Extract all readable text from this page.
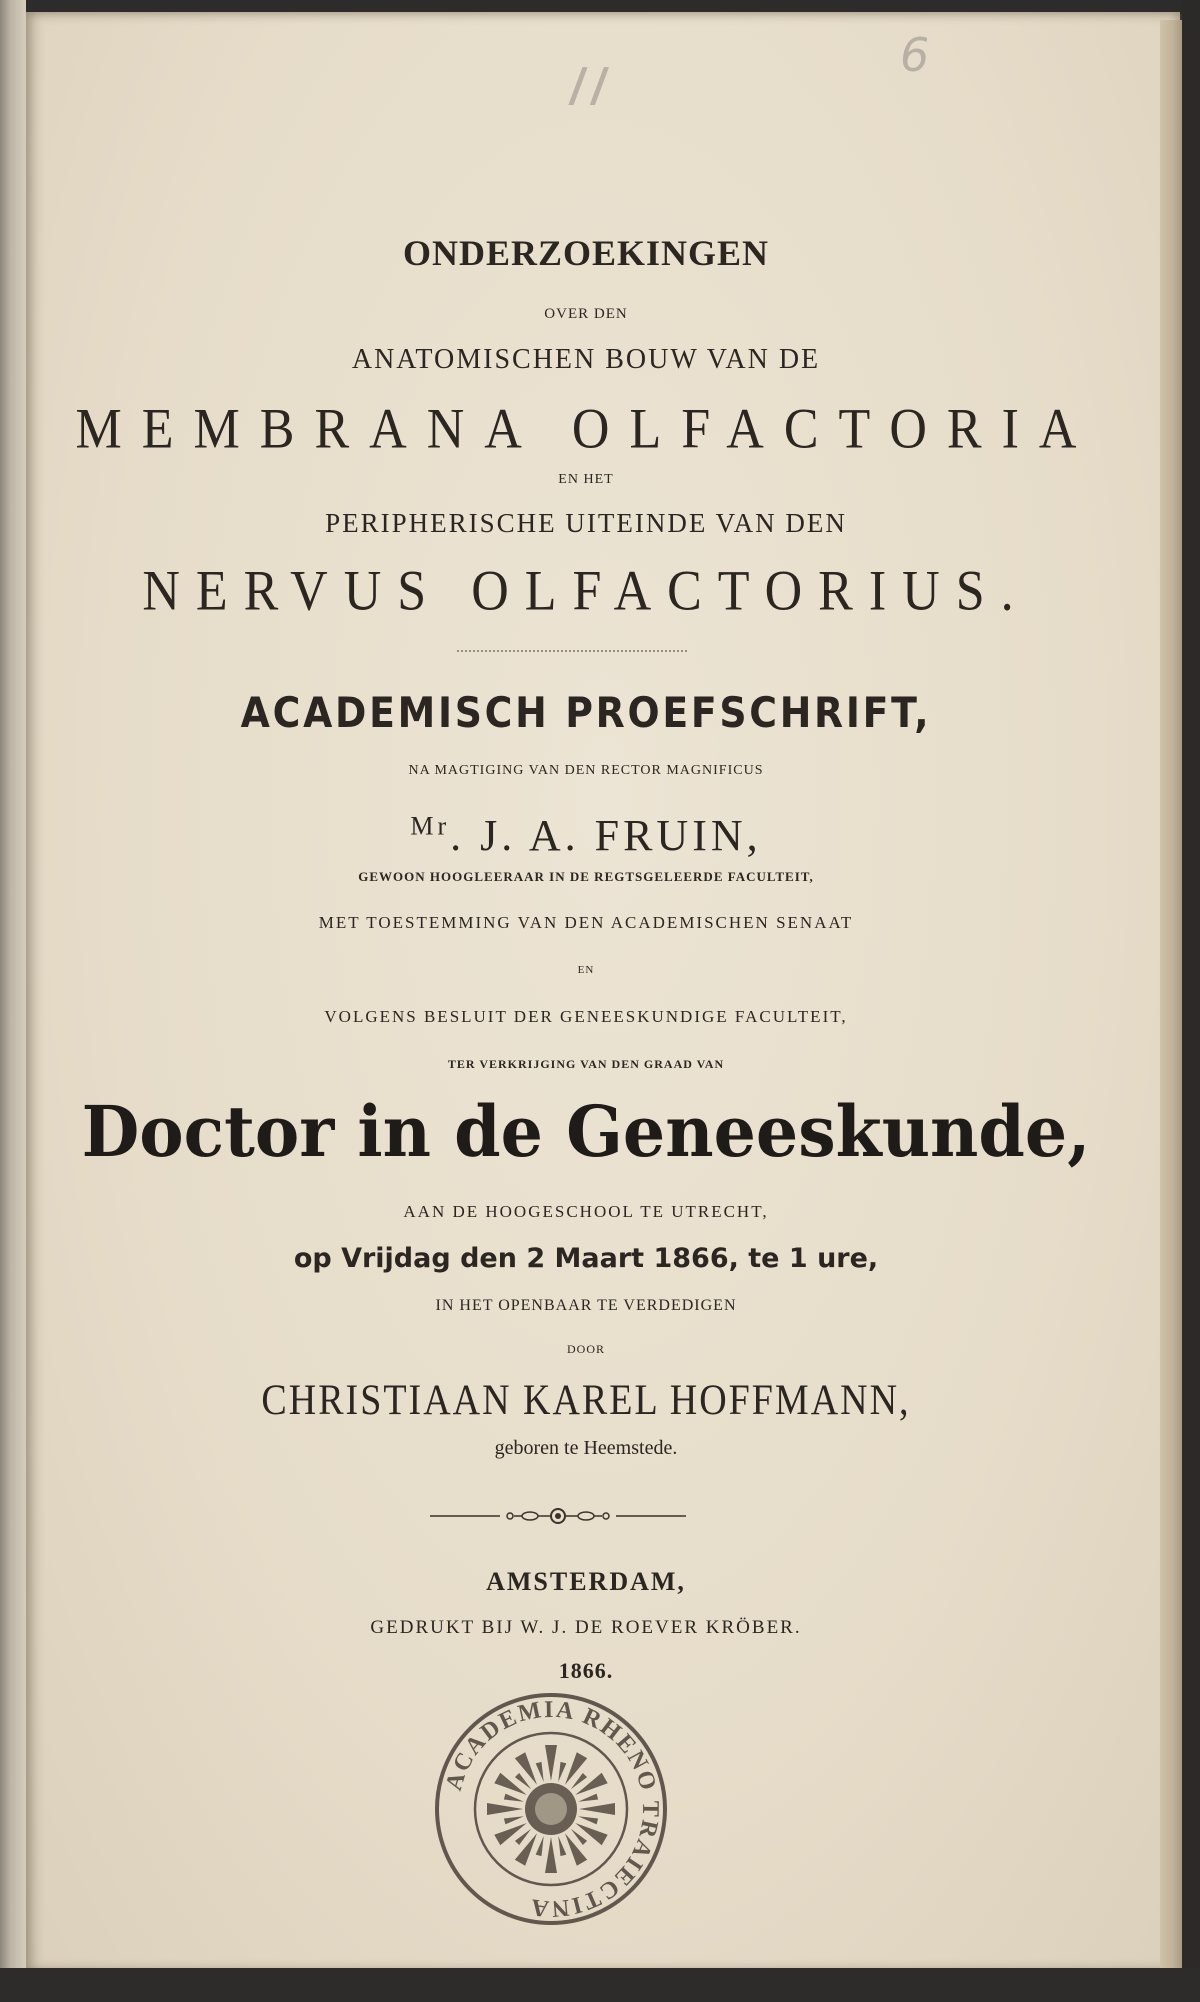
II
6
ONDERZOEKINGEN
OVER DEN
ANATOMISCHEN BOUW VAN DE
MEMBRANA OLFACTORIA
EN HET
PERIPHERISCHE UITEINDE VAN DEN
NERVUS OLFACTORIUS.
ACADEMISCH PROEFSCHRIFT,
NA MAGTIGING VAN DEN RECTOR MAGNIFICUS
$^{Mr}$. J. A. FRUIN,
GEWOON HOOGLEERAAR IN DE REGTSGELEERDE FACULTEIT,
MET TOESTEMMING VAN DEN ACADEMISCHEN SENAAT
EN
VOLGENS BESLUIT DER GENEESKUNDIGE FACULTEIT,
TER VERKRIJGING VAN DEN GRAAD VAN
Doctor in de Geneeskunde,
AAN DE HOOGESCHOOL TE UTRECHT,
op Vrijdag den 2 Maart 1866, te 1 ure,
IN HET OPENBAAR TE VERDEDIGEN
DOOR
CHRISTIAAN KAREL HOFFMANN,
geboren te Heemstede.
AMSTERDAM,
GEDRUKT BIJ W. J. DE ROEVER KRÖBER.
1866.
ACADEMIA RHENO TRAIECTINA
